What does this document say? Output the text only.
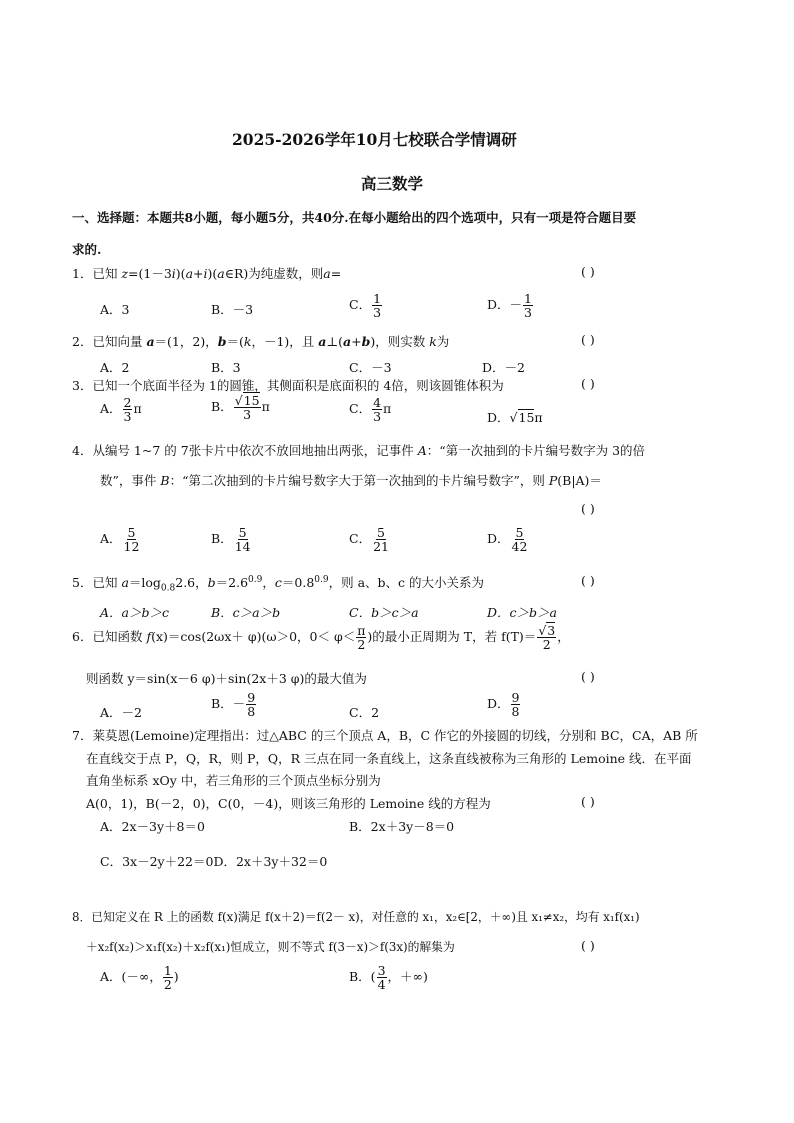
2025-2026学年10月七校联合学情调研
高三数学
一、选择题：本题共8小题，每小题5分，共40分.在每小题给出的四个选项中，只有一项是符合题目要
求的.
1．已知 z=(1－3i)(a+i)(a∈R)为纯虚数，则a=	( )
A．3	B．－3	C． $\frac{1}{3}$	D．－ $\frac{1}{3}$
2．已知向量 a＝(1，2)，b＝(k，－1)，且 a⊥(a+b)，则实数 k为	( )
A．2	B．3	C．－3	D．－2
3．已知一个底面半径为 1的圆锥，其侧面积是底面积的 4倍，则该圆锥体积为	( )
A． $\frac{2}{3}$ π	B． $\frac{√15}{3}$ π	C． $\frac{4}{3}$ π
D．√15π
4．从编号 1~7 的 7张卡片中依次不放回地抽出两张，记事件 A：“第一次抽到的卡片编号数字为 3的倍
数”，事件 B：“第二次抽到的卡片编号数字大于第一次抽到的卡片编号数字”，则 P(B|A)＝
( )
A． $\frac{5}{12}$	B． $\frac{5}{14}$	C． $\frac{5}{21}$	D． $\frac{5}{42}$
5．已知 $a=\log_{0.8}2.6$，$b=2.6^{0.9}$，$c=0.8^{0.9}$，则 a、b、c 的大小关系为	( )
A．a＞b＞c	B．c＞a＞b	C．b＞c＞a	D．c＞b＞a
6．已知函数 f(x)＝cos(2ωx＋ φ)(ω＞0，$0< \varphi< \frac{\pi}{2}$ )的最小正周期为 T，若 $f(T)= \frac{√3}{2}$ ，
则函数 y＝sin(x－6 φ)＋sin(2x＋3 φ)的最大值为	( )
A．－2
B．－ $\frac{9}{8}$	C．2
D． $\frac{9}{8}$
7．莱莫恩(Lemoine)定理指出：过△ABC 的三个顶点 A，B，C 作它的外接圆的切线，分别和 BC，CA，AB 所
在直线交于点 P，Q，R，则 P，Q，R 三点在同一条直线上，这条直线被称为三角形的 Lemoine 线．在平面
直角坐标系 xOy 中，若三角形的三个顶点坐标分别为
A(0，1)，B(－2，0)，C(0，－4)，则该三角形的 Lemoine 线的方程为	( )
A．2x－3y＋8＝0	B．2x＋3y－8＝0
C．3x－2y＋22＝0D．2x＋3y＋32＝0
8．已知定义在 R 上的函数 f(x)满足 f(x＋2)＝f(2－ x)，对任意的 x₁，x₂∈[2，＋∞)且 x₁≠x₂，均有 x₁f(x₁)
＋x₂f(x₂)＞x₁f(x₂)＋x₂f(x₁)恒成立，则不等式 f(3－x)＞f(3x)的解集为	( )
A．(－∞， $\frac{1}{2}$ )	B．( $\frac{3}{4}$ ，＋∞)
